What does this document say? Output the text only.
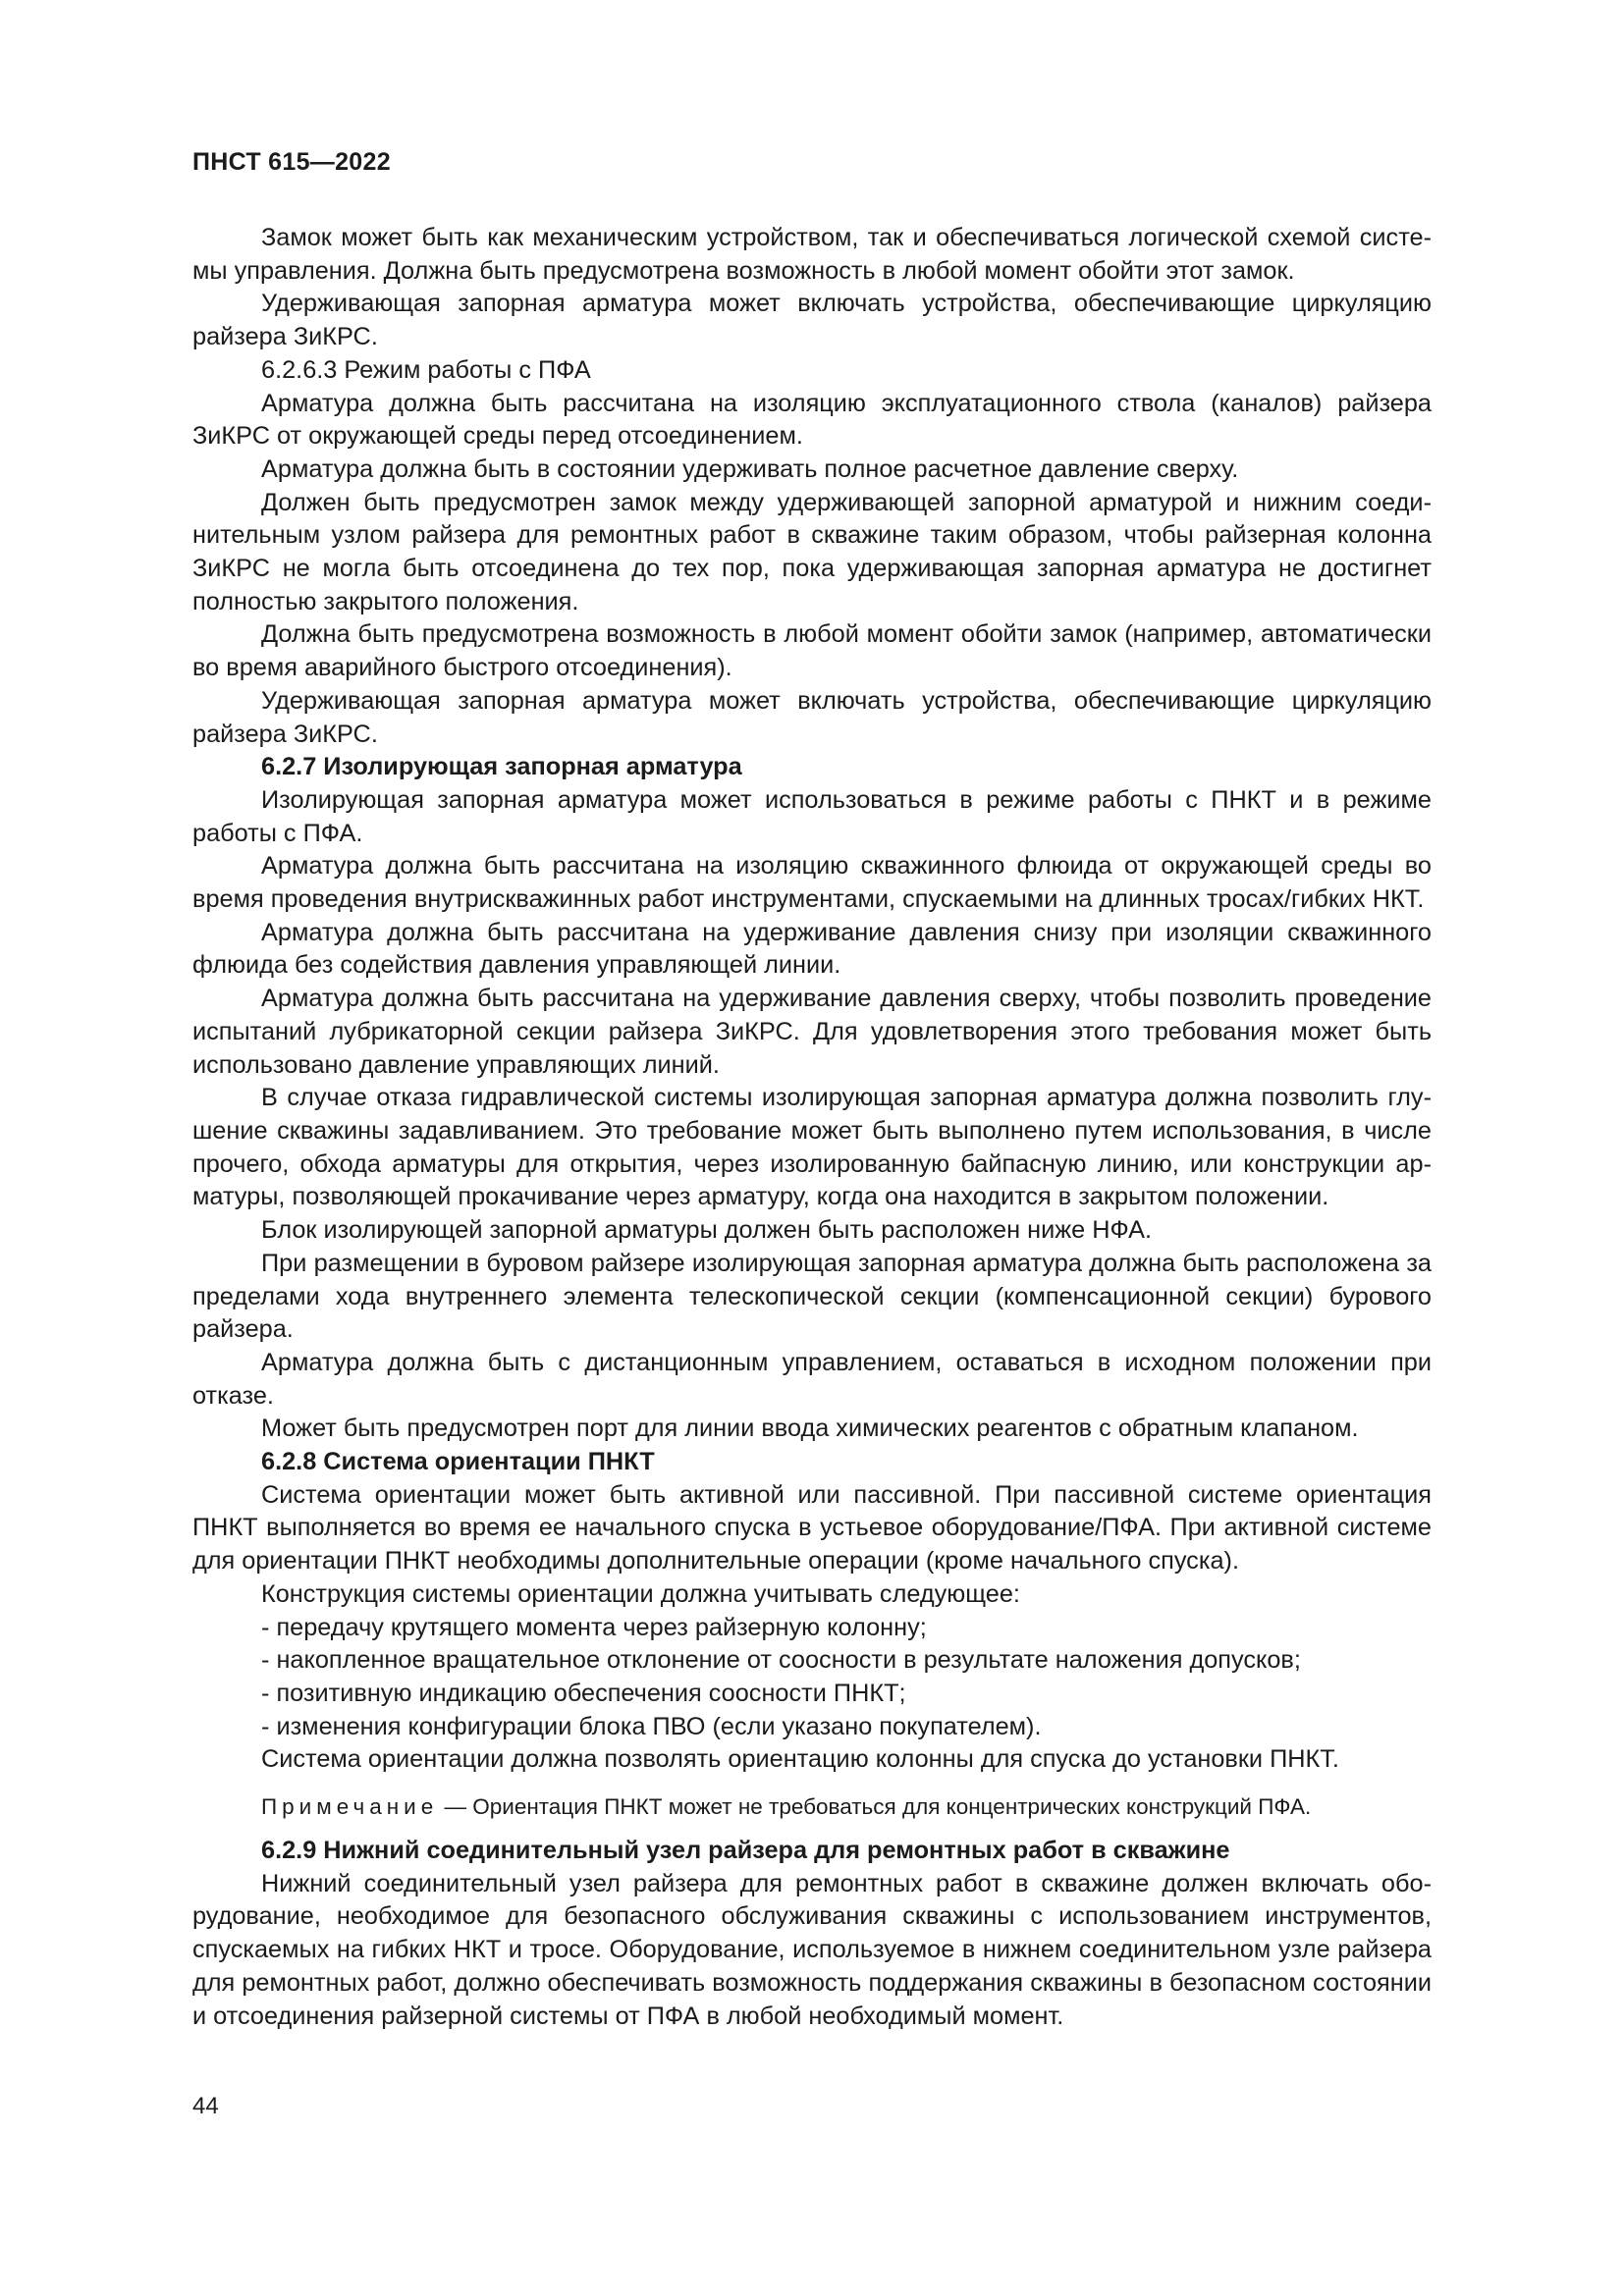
ПНСТ 615—2022

Замок может быть как механическим устройством, так и обеспечиваться логической схемой системы управления. Должна быть предусмотрена возможность в любой момент обойти этот замок.

Удерживающая запорная арматура может включать устройства, обеспечивающие циркуляцию райзера ЗиКРС.

6.2.6.3 Режим работы с ПФА

Арматура должна быть рассчитана на изоляцию эксплуатационного ствола (каналов) райзера ЗиКРС от окружающей среды перед отсоединением.

Арматура должна быть в состоянии удерживать полное расчетное давление сверху.

Должен быть предусмотрен замок между удерживающей запорной арматурой и нижним соединительным узлом райзера для ремонтных работ в скважине таким образом, чтобы райзерная колонна ЗиКРС не могла быть отсоединена до тех пор, пока удерживающая запорная арматура не достигнет полностью закрытого положения.

Должна быть предусмотрена возможность в любой момент обойти замок (например, автоматически во время аварийного быстрого отсоединения).

Удерживающая запорная арматура может включать устройства, обеспечивающие циркуляцию райзера ЗиКРС.

6.2.7 Изолирующая запорная арматура

Изолирующая запорная арматура может использоваться в режиме работы с ПНКТ и в режиме работы с ПФА.

Арматура должна быть рассчитана на изоляцию скважинного флюида от окружающей среды во время проведения внутрискважинных работ инструментами, спускаемыми на длинных тросах/гибких НКТ.

Арматура должна быть рассчитана на удерживание давления снизу при изоляции скважинного флюида без содействия давления управляющей линии.

Арматура должна быть рассчитана на удерживание давления сверху, чтобы позволить проведение испытаний лубрикаторной секции райзера ЗиКРС. Для удовлетворения этого требования может быть использовано давление управляющих линий.

В случае отказа гидравлической системы изолирующая запорная арматура должна позволить глушение скважины задавливанием. Это требование может быть выполнено путем использования, в числе прочего, обхода арматуры для открытия, через изолированную байпасную линию, или конструкции арматуры, позволяющей прокачивание через арматуру, когда она находится в закрытом положении.

Блок изолирующей запорной арматуры должен быть расположен ниже НФА.

При размещении в буровом райзере изолирующая запорная арматура должна быть расположена за пределами хода внутреннего элемента телескопической секции (компенсационной секции) бурового райзера.

Арматура должна быть с дистанционным управлением, оставаться в исходном положении при отказе.

Может быть предусмотрен порт для линии ввода химических реагентов с обратным клапаном.

6.2.8 Система ориентации ПНКТ

Система ориентации может быть активной или пассивной. При пассивной системе ориентация ПНКТ выполняется во время ее начального спуска в устьевое оборудование/ПФА. При активной системе для ориентации ПНКТ необходимы дополнительные операции (кроме начального спуска).

Конструкция системы ориентации должна учитывать следующее:

- передачу крутящего момента через райзерную колонну;

- накопленное вращательное отклонение от соосности в результате наложения допусков;

- позитивную индикацию обеспечения соосности ПНКТ;

- изменения конфигурации блока ПВО (если указано покупателем).

Система ориентации должна позволять ориентацию колонны для спуска до установки ПНКТ.

Примечание — Ориентация ПНКТ может не требоваться для концентрических конструкций ПФА.

6.2.9 Нижний соединительный узел райзера для ремонтных работ в скважине

Нижний соединительный узел райзера для ремонтных работ в скважине должен включать оборудование, необходимое для безопасного обслуживания скважины с использованием инструментов, спускаемых на гибких НКТ и тросе. Оборудование, используемое в нижнем соединительном узле райзера для ремонтных работ, должно обеспечивать возможность поддержания скважины в безопасном состоянии и отсоединения райзерной системы от ПФА в любой необходимый момент.

44
